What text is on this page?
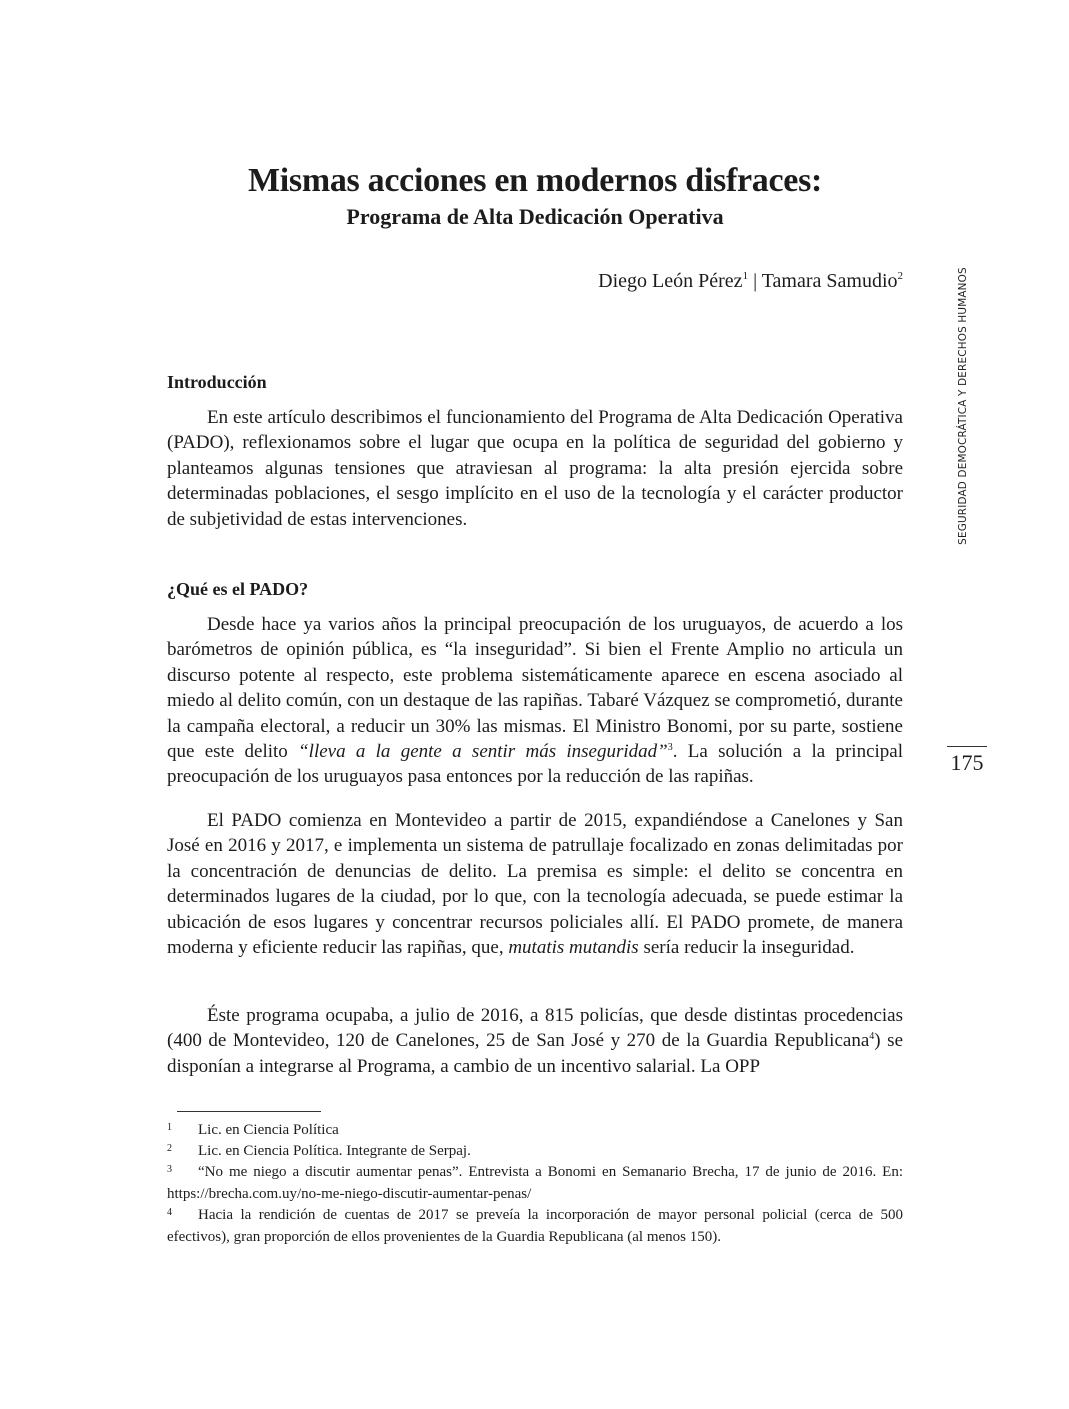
Mismas acciones en modernos disfraces:
Programa de Alta Dedicación Operativa
Diego León Pérez$^1$ | Tamara Samudio$^2$	SEGURIDAD DEMOCRÁTICA Y DERECHOS HUMANOS
175
Introducción

En este artículo describimos el funcionamiento del Programa de Alta Dedicación Operativa (PADO), reflexionamos sobre el lugar que ocupa en la política de seguridad del gobierno y planteamos algunas tensiones que atraviesan al programa: la alta presión ejercida sobre determinadas poblaciones, el sesgo implícito en el uso de la tecnología y el carácter productor de subjetividad de estas intervenciones.

¿Qué es el PADO?

Desde hace ya varios años la principal preocupación de los uruguayos, de acuerdo a los barómetros de opinión pública, es “la inseguridad”. Si bien el Frente Amplio no articula un discurso potente al respecto, este problema sistemáticamente aparece en escena asociado al miedo al delito común, con un destaque de las rapiñas. Tabaré Vázquez se comprometió, durante la campaña electoral, a reducir un 30% las mismas. El Ministro Bonomi, por su parte, sostiene que este delito “lleva a la gente a sentir más inseguridad”$^3$. La solución a la principal preocupación de los uruguayos pasa entonces por la reducción de las rapiñas.

El PADO comienza en Montevideo a partir de 2015, expandiéndose a Canelones y San José en 2016 y 2017, e implementa un sistema de patrullaje focalizado en zonas delimitadas por la concentración de denuncias de delito. La premisa es simple: el delito se concentra en determinados lugares de la ciudad, por lo que, con la tecnología adecuada, se puede estimar la ubicación de esos lugares y concentrar recursos policiales allí. El PADO promete, de manera moderna y eficiente reducir las rapiñas, que, mutatis mutandis sería reducir la inseguridad.

Éste programa ocupaba, a julio de 2016, a 815 policías, que desde distintas procedencias (400 de Montevideo, 120 de Canelones, 25 de San José y 270 de la Guardia Republicana$^4$) se disponían a integrarse al Programa, a cambio de un incentivo salarial. La OPP

1 Lic. en Ciencia Política

2 Lic. en Ciencia Política. Integrante de Serpaj.

3 “No me niego a discutir aumentar penas”. Entrevista a Bonomi en Semanario Brecha, 17 de junio de 2016. En: https://brecha.com.uy/no-me-niego-discutir-aumentar-penas/

4 Hacia la rendición de cuentas de 2017 se preveía la incorporación de mayor personal policial (cerca de 500 efectivos), gran proporción de ellos provenientes de la Guardia Republicana (al menos 150).
